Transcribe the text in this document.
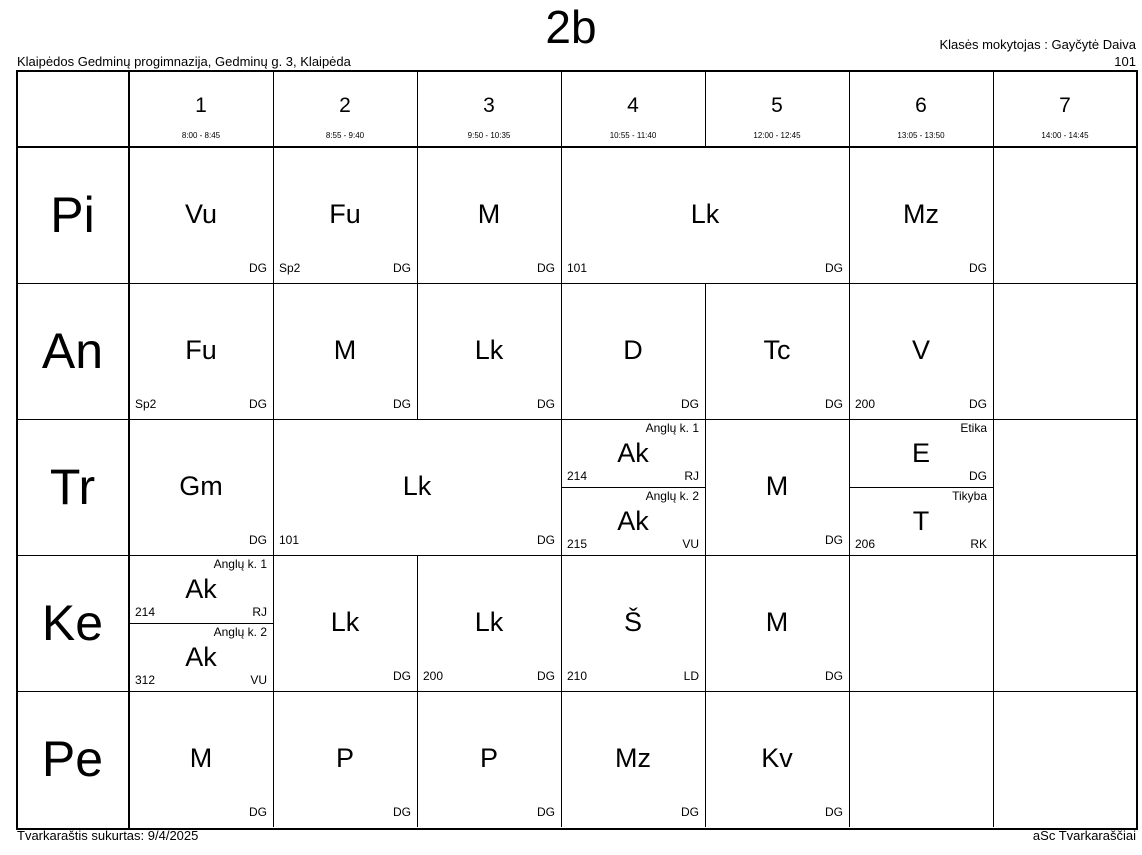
2b
Klaipėdos Gedminų progimnazija, Gedminų g. 3, Klaipėda
Klasės mokytojas : Gayčytė Daiva
101
1
8:00 - 8:45
2
8:55 - 9:40
3
9:50 - 10:35
4
10:55 - 11:40
5
12:00 - 12:45
6
13:05 - 13:50
7
14:00 - 14:45
Pi
An
Tr
Ke
Pe
Vu
DG
Fu
DG
Sp2
M
DG
Lk
DG
101
Mz
DG
Fu
DG
Sp2
M
DG
Lk
DG
D
DG
Tc
DG
V
DG
200
Gm
DG
Lk
DG
101
Anglų k. 1
Ak
RJ
214
Anglų k. 2
Ak
VU
215
M
DG
Etika
E
DG
Tikyba
T
RK
206
Anglų k. 1
Ak
RJ
214
Anglų k. 2
Ak
VU
312
Lk
DG
Lk
DG
200
Š
LD
210
M
DG
M
DG
P
DG
P
DG
Mz
DG
Kv
DG
Tvarkaraštis sukurtas: 9/4/2025	aSc Tvarkaraščiai
